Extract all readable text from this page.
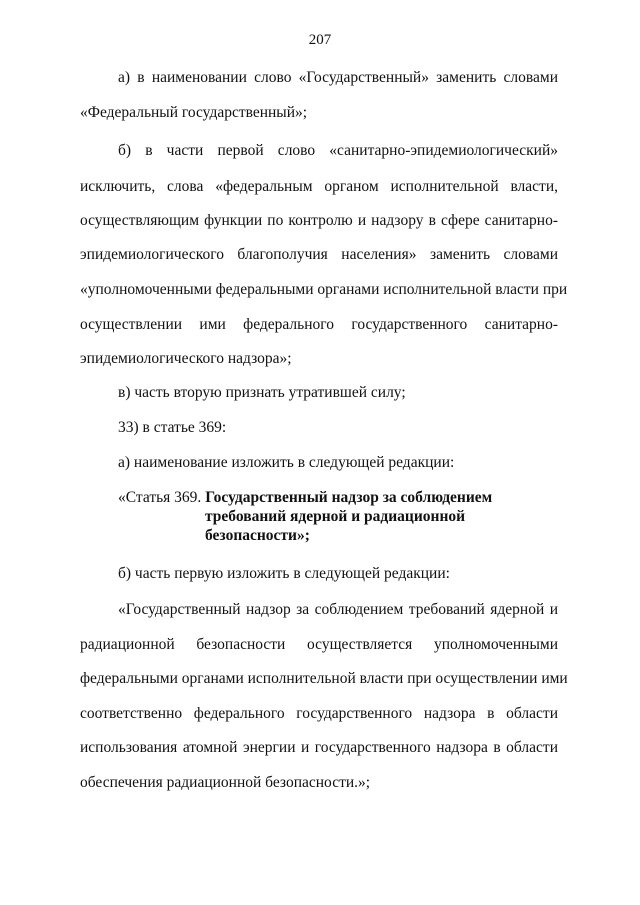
207
а) в наименовании слово «Государственный» заменить словами
«Федеральный государственный»;
б) в части первой слово «санитарно-эпидемиологический»
исключить, слова «федеральным органом исполнительной власти,
осуществляющим функции по контролю и надзору в сфере санитарно-
эпидемиологического благополучия населения» заменить словами
«уполномоченными федеральными органами исполнительной власти при
осуществлении ими федерального государственного санитарно-
эпидемиологического надзора»;
в) часть вторую признать утратившей силу;
33) в статье 369:
а) наименование изложить в следующей редакции:
«Статья 369. Государственный надзор за соблюдением
требований ядерной и радиационной
безопасности»;
б) часть первую изложить в следующей редакции:
«Государственный надзор за соблюдением требований ядерной и
радиационной безопасности осуществляется уполномоченными
федеральными органами исполнительной власти при осуществлении ими
соответственно федерального государственного надзора в области
использования атомной энергии и государственного надзора в области
обеспечения радиационной безопасности.»;
